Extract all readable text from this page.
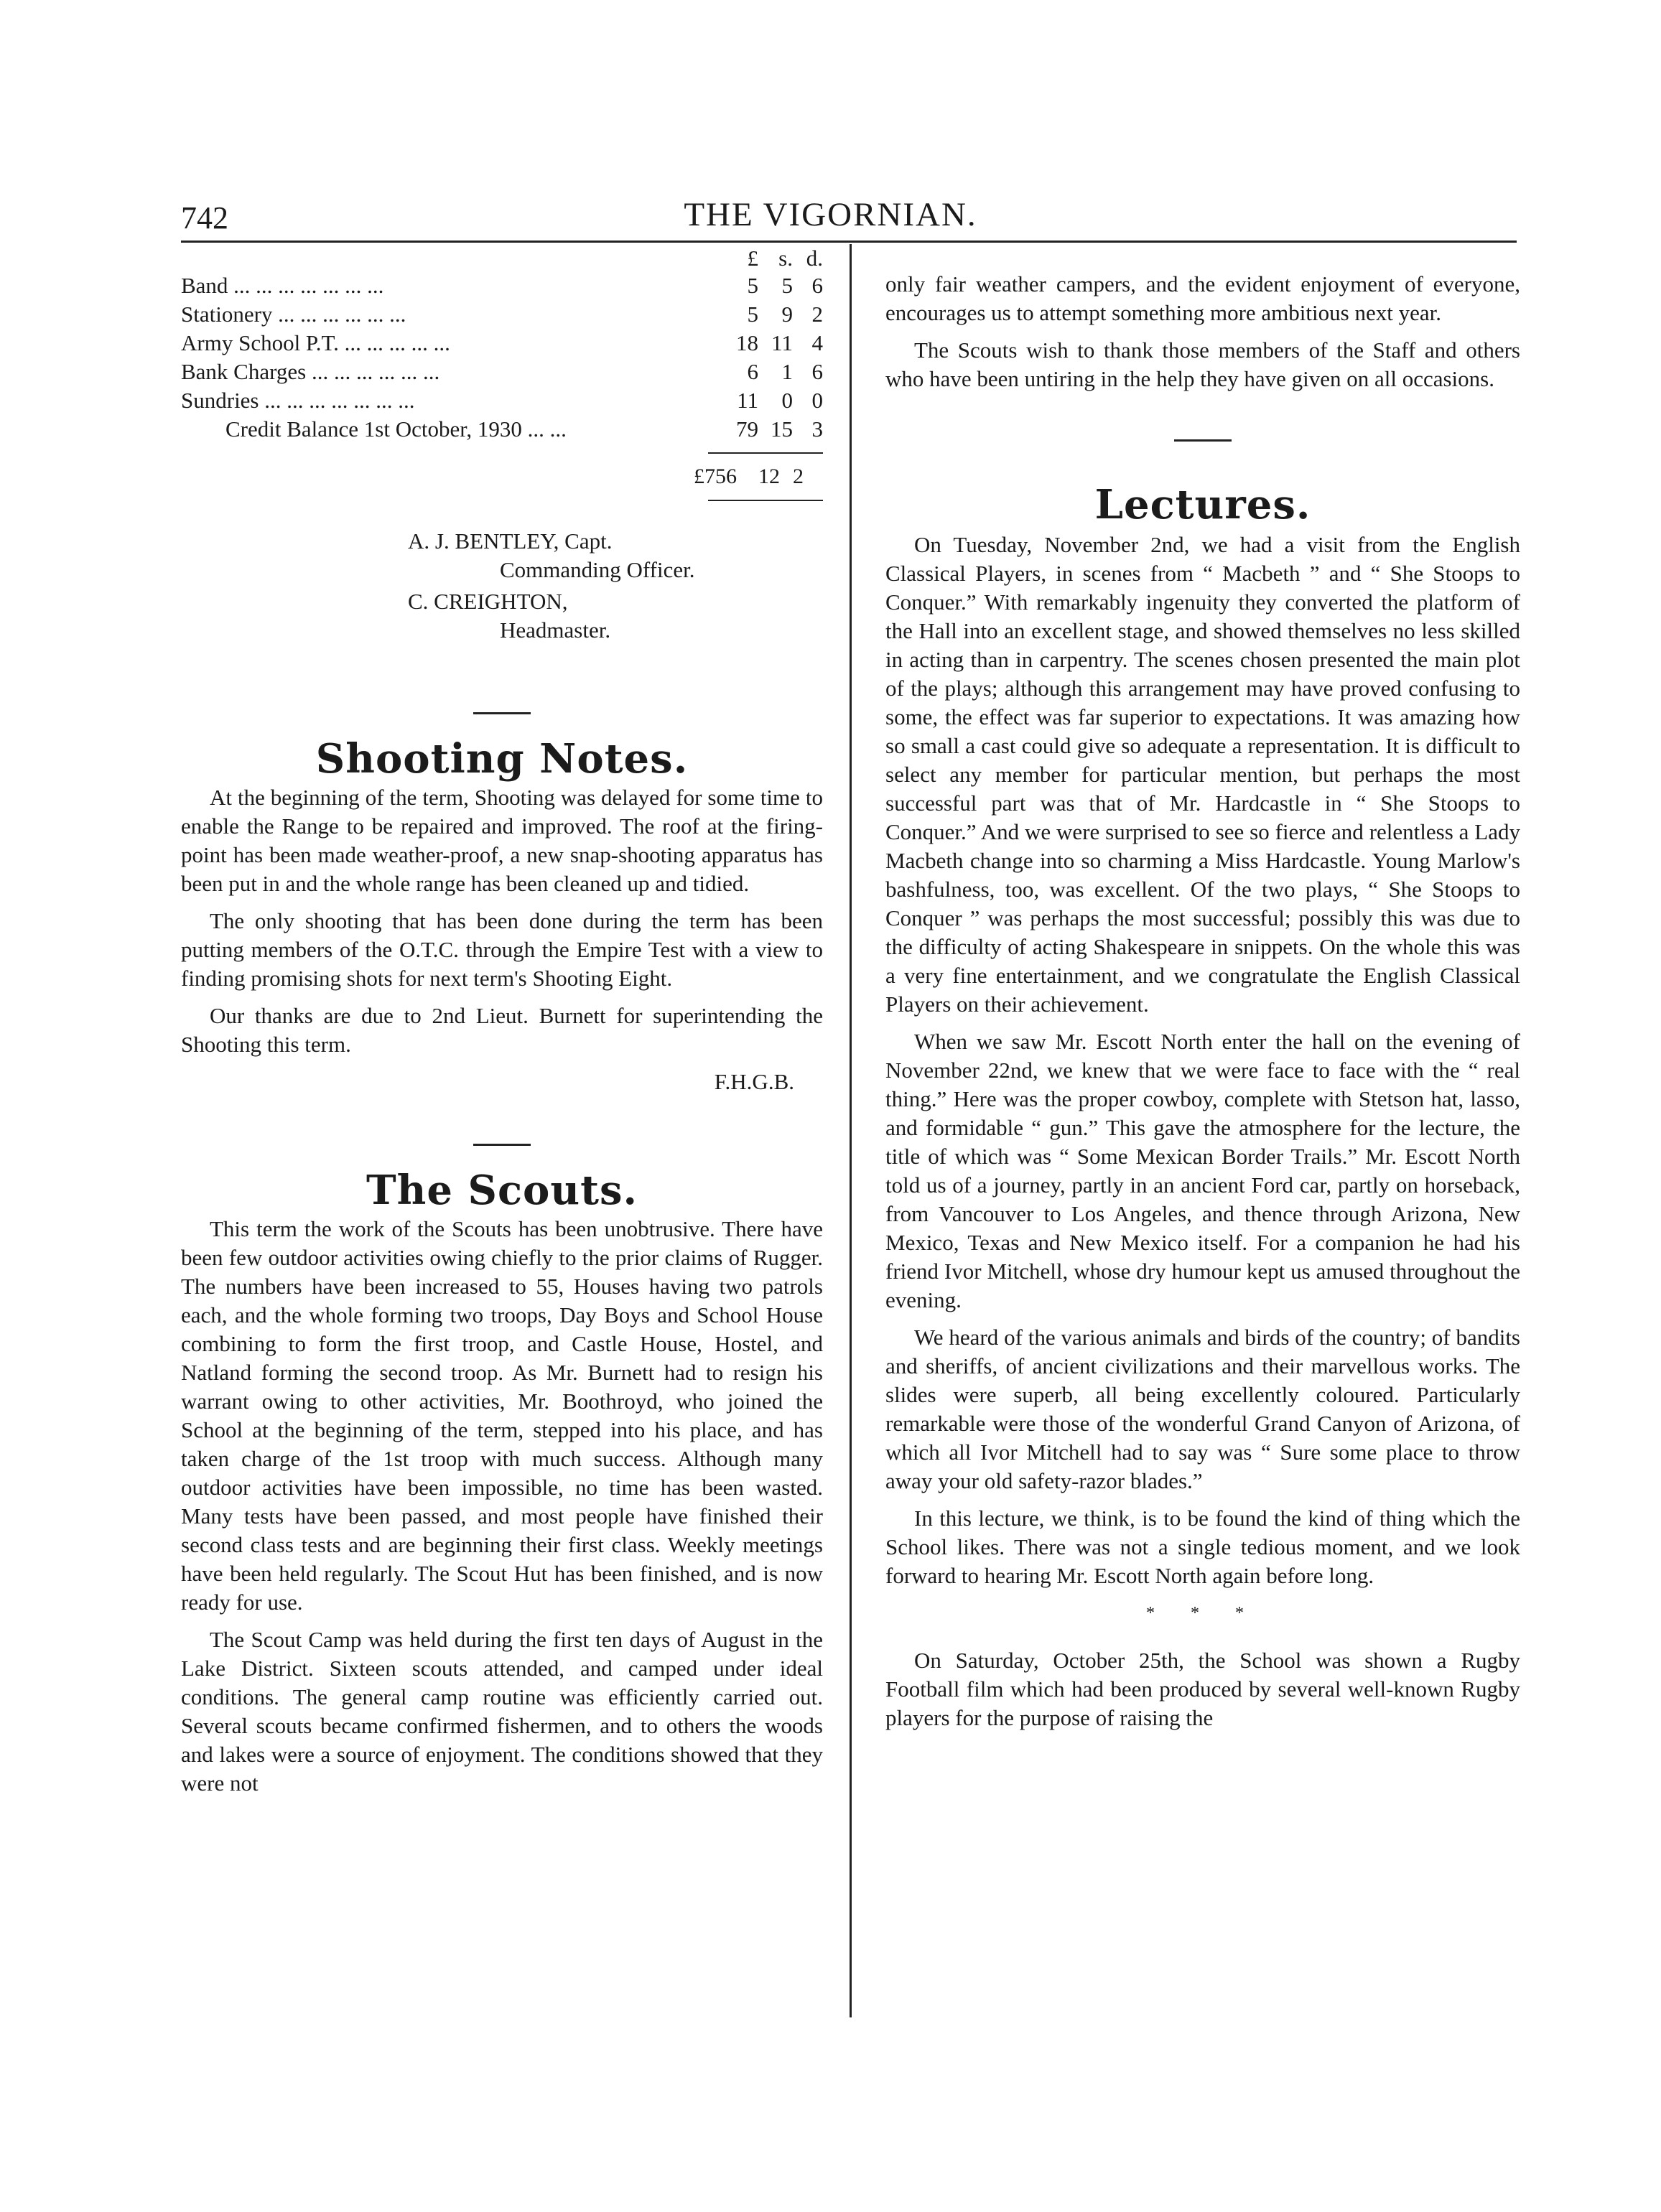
742	THE VIGORNIAN.
£ s. d.
Band ... ... ... ... ... ... ...	5	5 6
Stationery ... ... ... ... ... ...	5	9 2
Army School P.T. ... ... ... ... ...	18 11 4
Bank Charges ... ... ... ... ... ...	6	1 6
Sundries ... ... ... ... ... ... ...	11	0 0
Credit Balance 1st October, 1930 ... ...	79 15 3
£756	12 2
A. J. BENTLEY, Capt.
Commanding Officer.
C. CREIGHTON,
Headmaster.
Shooting Notes.

At the beginning of the term, Shooting was delayed for some time to enable the Range to be repaired and improved. The roof at the firing-point has been made weather-proof, a new snap-shooting apparatus has been put in and the whole range has been cleaned up and tidied.

The only shooting that has been done during the term has been putting members of the O.T.C. through the Empire Test with a view to finding promising shots for next term's Shooting Eight.

Our thanks are due to 2nd Lieut. Burnett for superintending the Shooting this term.

F.H.G.B.
The Scouts.

This term the work of the Scouts has been unobtrusive. There have been few outdoor activities owing chiefly to the prior claims of Rugger. The numbers have been increased to 55, Houses having two patrols each, and the whole forming two troops, Day Boys and School House combining to form the first troop, and Castle House, Hostel, and Natland forming the second troop. As Mr. Burnett had to resign his warrant owing to other activities, Mr. Boothroyd, who joined the School at the beginning of the term, stepped into his place, and has taken charge of the 1st troop with much success. Although many outdoor activities have been impossible, no time has been wasted. Many tests have been passed, and most people have finished their second class tests and are beginning their first class. Weekly meetings have been held regularly. The Scout Hut has been finished, and is now ready for use.

The Scout Camp was held during the first ten days of August in the Lake District. Sixteen scouts attended, and camped under ideal conditions. The general camp routine was efficiently carried out. Several scouts became confirmed fishermen, and to others the woods and lakes were a source of enjoyment. The conditions showed that they were not

only fair weather campers, and the evident enjoyment of everyone, encourages us to attempt something more ambitious next year.

The Scouts wish to thank those members of the Staff and others who have been untiring in the help they have given on all occasions.

Lectures.

On Tuesday, November 2nd, we had a visit from the English Classical Players, in scenes from “ Macbeth ” and “ She Stoops to Conquer.” With remarkably ingenuity they converted the platform of the Hall into an excellent stage, and showed themselves no less skilled in acting than in carpentry. The scenes chosen presented the main plot of the plays; although this arrangement may have proved confusing to some, the effect was far superior to expectations. It was amazing how so small a cast could give so adequate a representation. It is difficult to select any member for particular mention, but perhaps the most successful part was that of Mr. Hardcastle in “ She Stoops to Conquer.” And we were surprised to see so fierce and relentless a Lady Macbeth change into so charming a Miss Hardcastle. Young Marlow's bashfulness, too, was excellent. Of the two plays, “ She Stoops to Conquer ” was perhaps the most successful; possibly this was due to the difficulty of acting Shakespeare in snippets. On the whole this was a very fine entertainment, and we congratulate the English Classical Players on their achievement.

When we saw Mr. Escott North enter the hall on the evening of November 22nd, we knew that we were face to face with the “ real thing.” Here was the proper cowboy, complete with Stetson hat, lasso, and formidable “ gun.” This gave the atmosphere for the lecture, the title of which was “ Some Mexican Border Trails.” Mr. Escott North told us of a journey, partly in an ancient Ford car, partly on horseback, from Vancouver to Los Angeles, and thence through Arizona, New Mexico, Texas and New Mexico itself. For a companion he had his friend Ivor Mitchell, whose dry humour kept us amused throughout the evening.

We heard of the various animals and birds of the country; of bandits and sheriffs, of ancient civilizations and their marvellous works. The slides were superb, all being excellently coloured. Particularly remarkable were those of the wonderful Grand Canyon of Arizona, of which all Ivor Mitchell had to say was “ Sure some place to throw away your old safety-razor blades.”

In this lecture, we think, is to be found the kind of thing which the School likes. There was not a single tedious moment, and we look forward to hearing Mr. Escott North again before long.

* * *

On Saturday, October 25th, the School was shown a Rugby Football film which had been produced by several well-known Rugby players for the purpose of raising the
